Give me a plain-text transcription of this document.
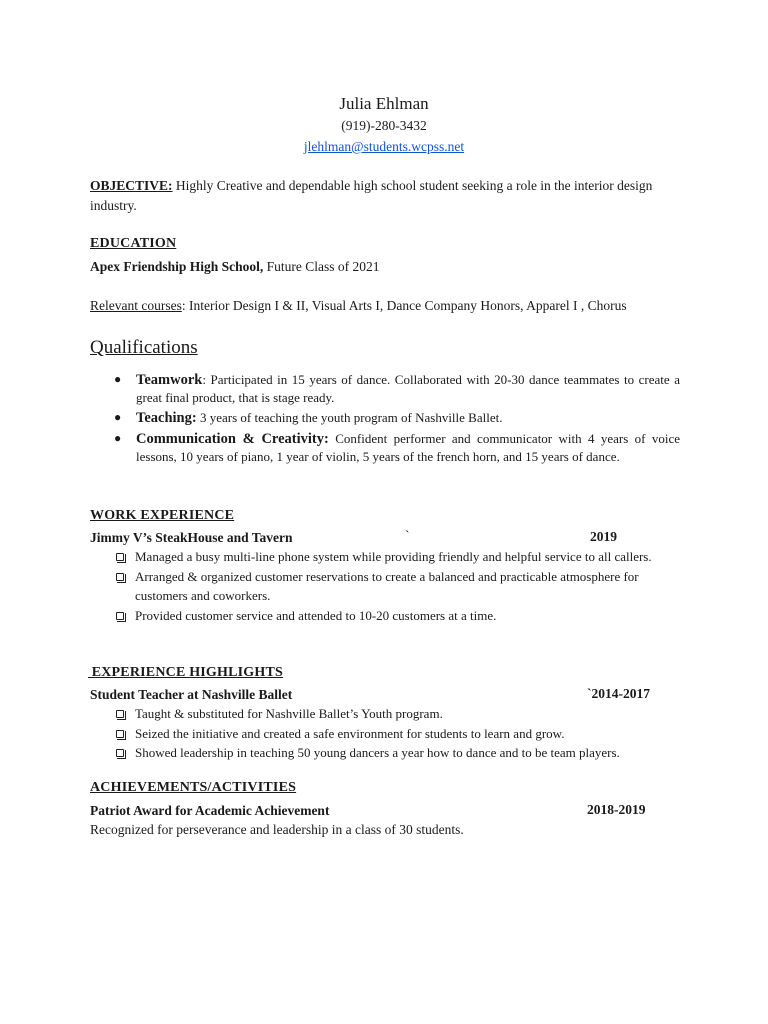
Julia Ehlman
(919)-280-3432
jlehlman@students.wcpss.net
OBJECTIVE: Highly Creative and dependable high school student seeking a role in the interior design industry.
EDUCATION
Apex Friendship High School, Future Class of 2021
Relevant courses: Interior Design I & II, Visual Arts I, Dance Company Honors, Apparel I , Chorus
Qualifications
● Teamwork: Participated in 15 years of dance. Collaborated with 20-30 dance teammates to create a great final product, that is stage ready.
● Teaching: 3 years of teaching the youth program of Nashville Ballet.
● Communication & Creativity: Confident performer and communicator with 4 years of voice lessons, 10 years of piano, 1 year of violin, 5 years of the french horn, and 15 years of dance.
WORK EXPERIENCE
Jimmy V’s SteakHouse and Tavern	`	2019
Managed a busy multi-line phone system while providing friendly and helpful service to all callers.
Arranged & organized customer reservations to create a balanced and practicable atmosphere for customers and coworkers.
Provided customer service and attended to 10-20 customers at a time.
EXPERIENCE HIGHLIGHTS
Student Teacher at Nashville Ballet	`2014-2017
Taught & substituted for Nashville Ballet’s Youth program.
Seized the initiative and created a safe environment for students to learn and grow.
Showed leadership in teaching 50 young dancers a year how to dance and to be team players.
ACHIEVEMENTS/ACTIVITIES
Patriot Award for Academic Achievement	2018-2019
Recognized for perseverance and leadership in a class of 30 students.
